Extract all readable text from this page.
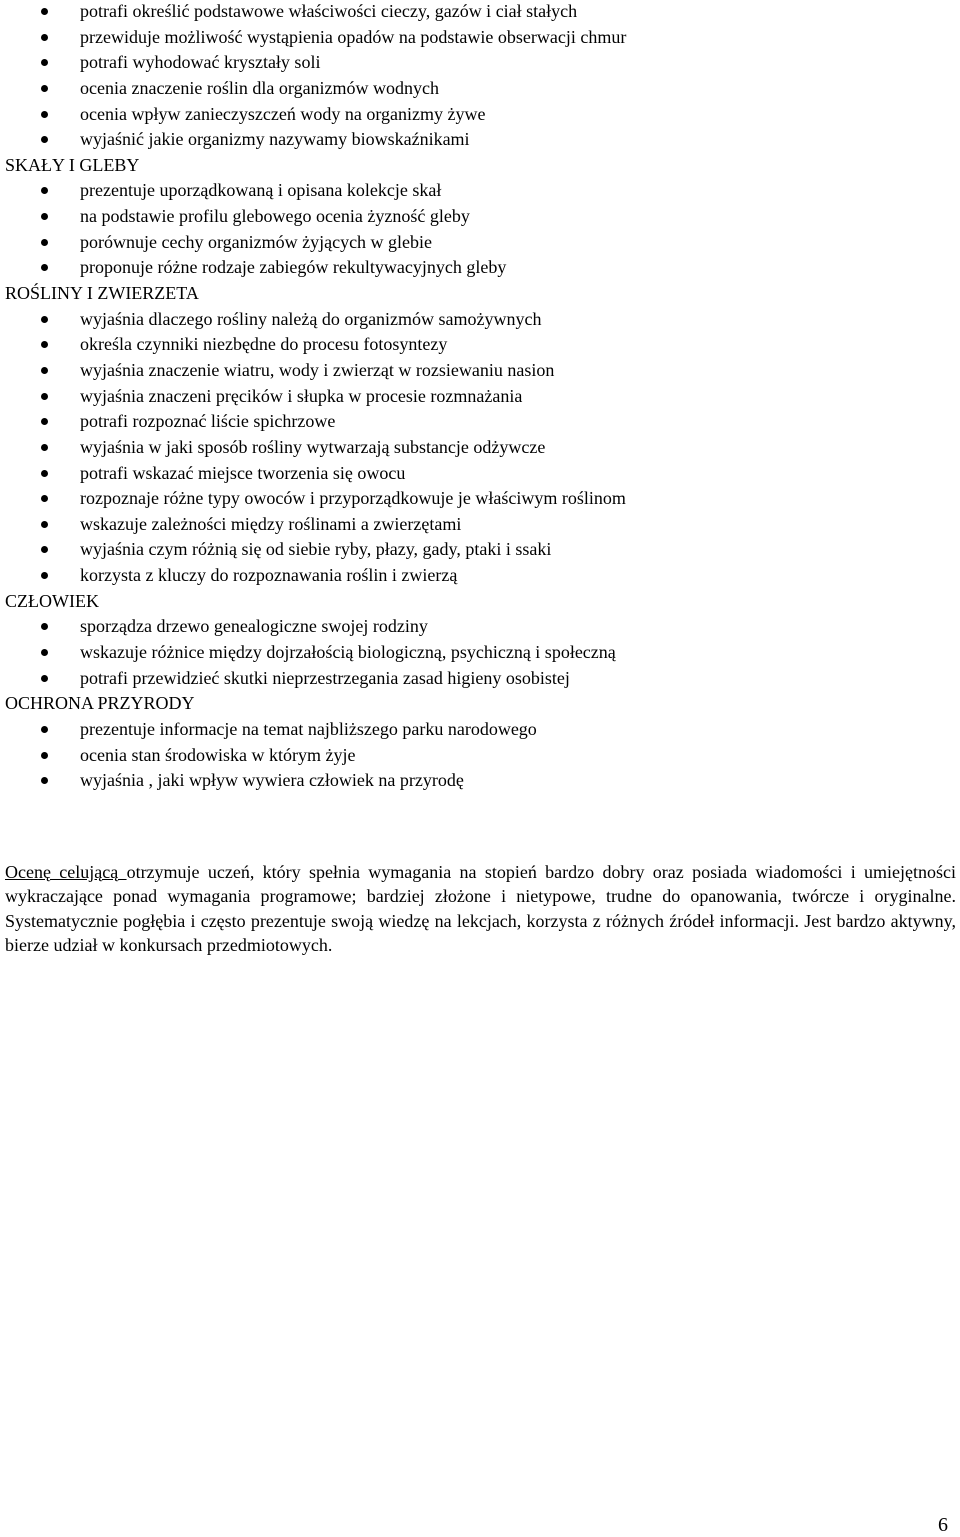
potrafi określić podstawowe właściwości cieczy, gazów i ciał stałych
przewiduje możliwość wystąpienia opadów na podstawie obserwacji chmur
potrafi wyhodować kryształy soli
ocenia znaczenie roślin dla organizmów wodnych
ocenia wpływ zanieczyszczeń wody na organizmy żywe
wyjaśnić jakie organizmy nazywamy biowskaźnikami
SKAŁY I GLEBY
prezentuje uporządkowaną i opisana kolekcje skał
na podstawie profilu glebowego ocenia żyzność gleby
porównuje cechy organizmów żyjących w glebie
proponuje różne rodzaje zabiegów rekultywacyjnych gleby
ROŚLINY I ZWIERZETA
wyjaśnia dlaczego rośliny należą do organizmów samożywnych
określa czynniki niezbędne do procesu fotosyntezy
wyjaśnia znaczenie wiatru, wody i zwierząt w rozsiewaniu nasion
wyjaśnia znaczeni pręcików i słupka w procesie rozmnażania
potrafi rozpoznać liście spichrzowe
wyjaśnia w jaki sposób rośliny wytwarzają substancje odżywcze
potrafi wskazać miejsce tworzenia się owocu
rozpoznaje różne typy owoców i przyporządkowuje je właściwym roślinom
wskazuje zależności między roślinami a zwierzętami
wyjaśnia czym różnią się od siebie ryby, płazy, gady, ptaki i ssaki
korzysta z kluczy do rozpoznawania roślin i zwierzą
CZŁOWIEK
sporządza drzewo genealogiczne swojej rodziny
wskazuje różnice między dojrzałością biologiczną, psychiczną i społeczną
potrafi przewidzieć skutki nieprzestrzegania zasad higieny osobistej
OCHRONA PRZYRODY
prezentuje informacje na temat najbliższego parku narodowego
ocenia stan środowiska w którym żyje
wyjaśnia , jaki wpływ wywiera człowiek na przyrodę
Ocenę celującą otrzymuje uczeń, który spełnia wymagania na stopień bardzo dobry oraz posiada wiadomości i umiejętności wykraczające ponad wymagania programowe; bardziej złożone i nietypowe, trudne do opanowania, twórcze i oryginalne. Systematycznie pogłębia i często prezentuje swoją wiedzę na lekcjach, korzysta z różnych źródeł informacji. Jest bardzo aktywny, bierze udział w konkursach przedmiotowych.
6
